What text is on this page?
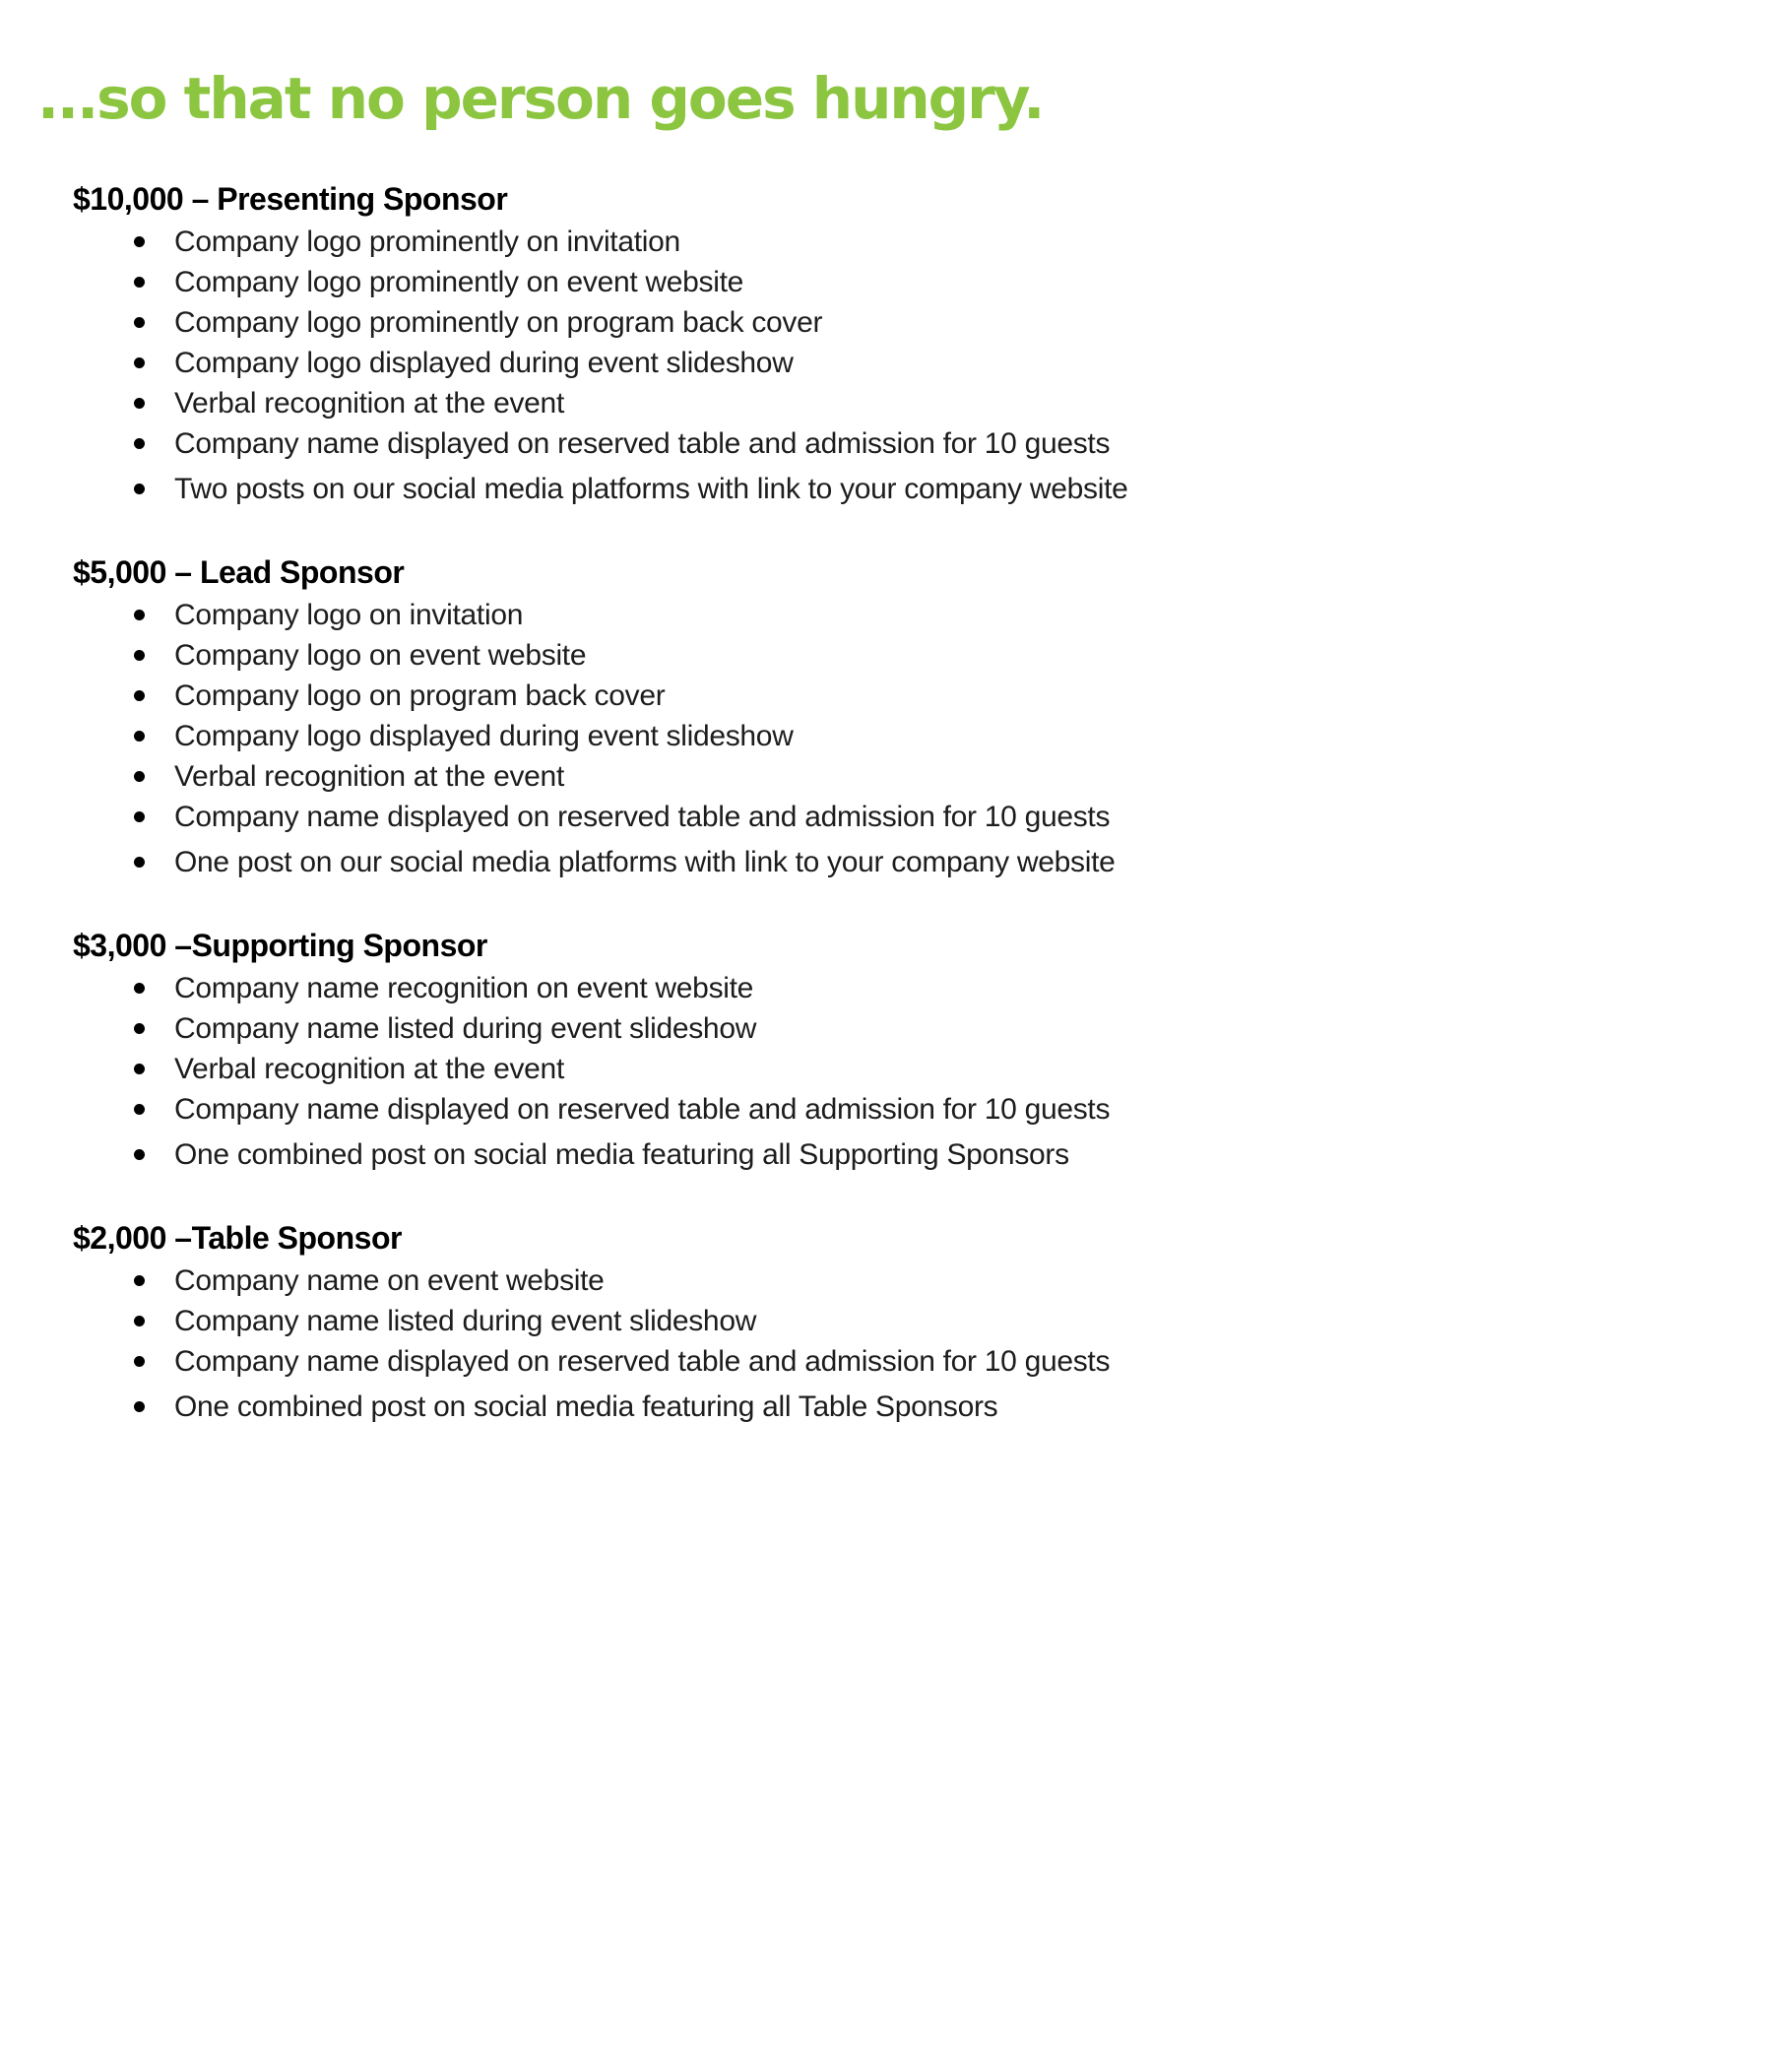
...so that no person goes hungry.
$10,000 – Presenting Sponsor
Company logo prominently on invitation
Company logo prominently on event website
Company logo prominently on program back cover
Company logo displayed during event slideshow
Verbal recognition at the event
Company name displayed on reserved table and admission for 10 guests
Two posts on our social media platforms with link to your company website
$5,000 – Lead Sponsor
Company logo on invitation
Company logo on event website
Company logo on program back cover
Company logo displayed during event slideshow
Verbal recognition at the event
Company name displayed on reserved table and admission for 10 guests
One post on our social media platforms with link to your company website
$3,000 –Supporting Sponsor
Company name recognition on event website
Company name listed during event slideshow
Verbal recognition at the event
Company name displayed on reserved table and admission for 10 guests
One combined post on social media featuring all Supporting Sponsors
$2,000 –Table Sponsor
Company name on event website
Company name listed during event slideshow
Company name displayed on reserved table and admission for 10 guests
One combined post on social media featuring all Table Sponsors
